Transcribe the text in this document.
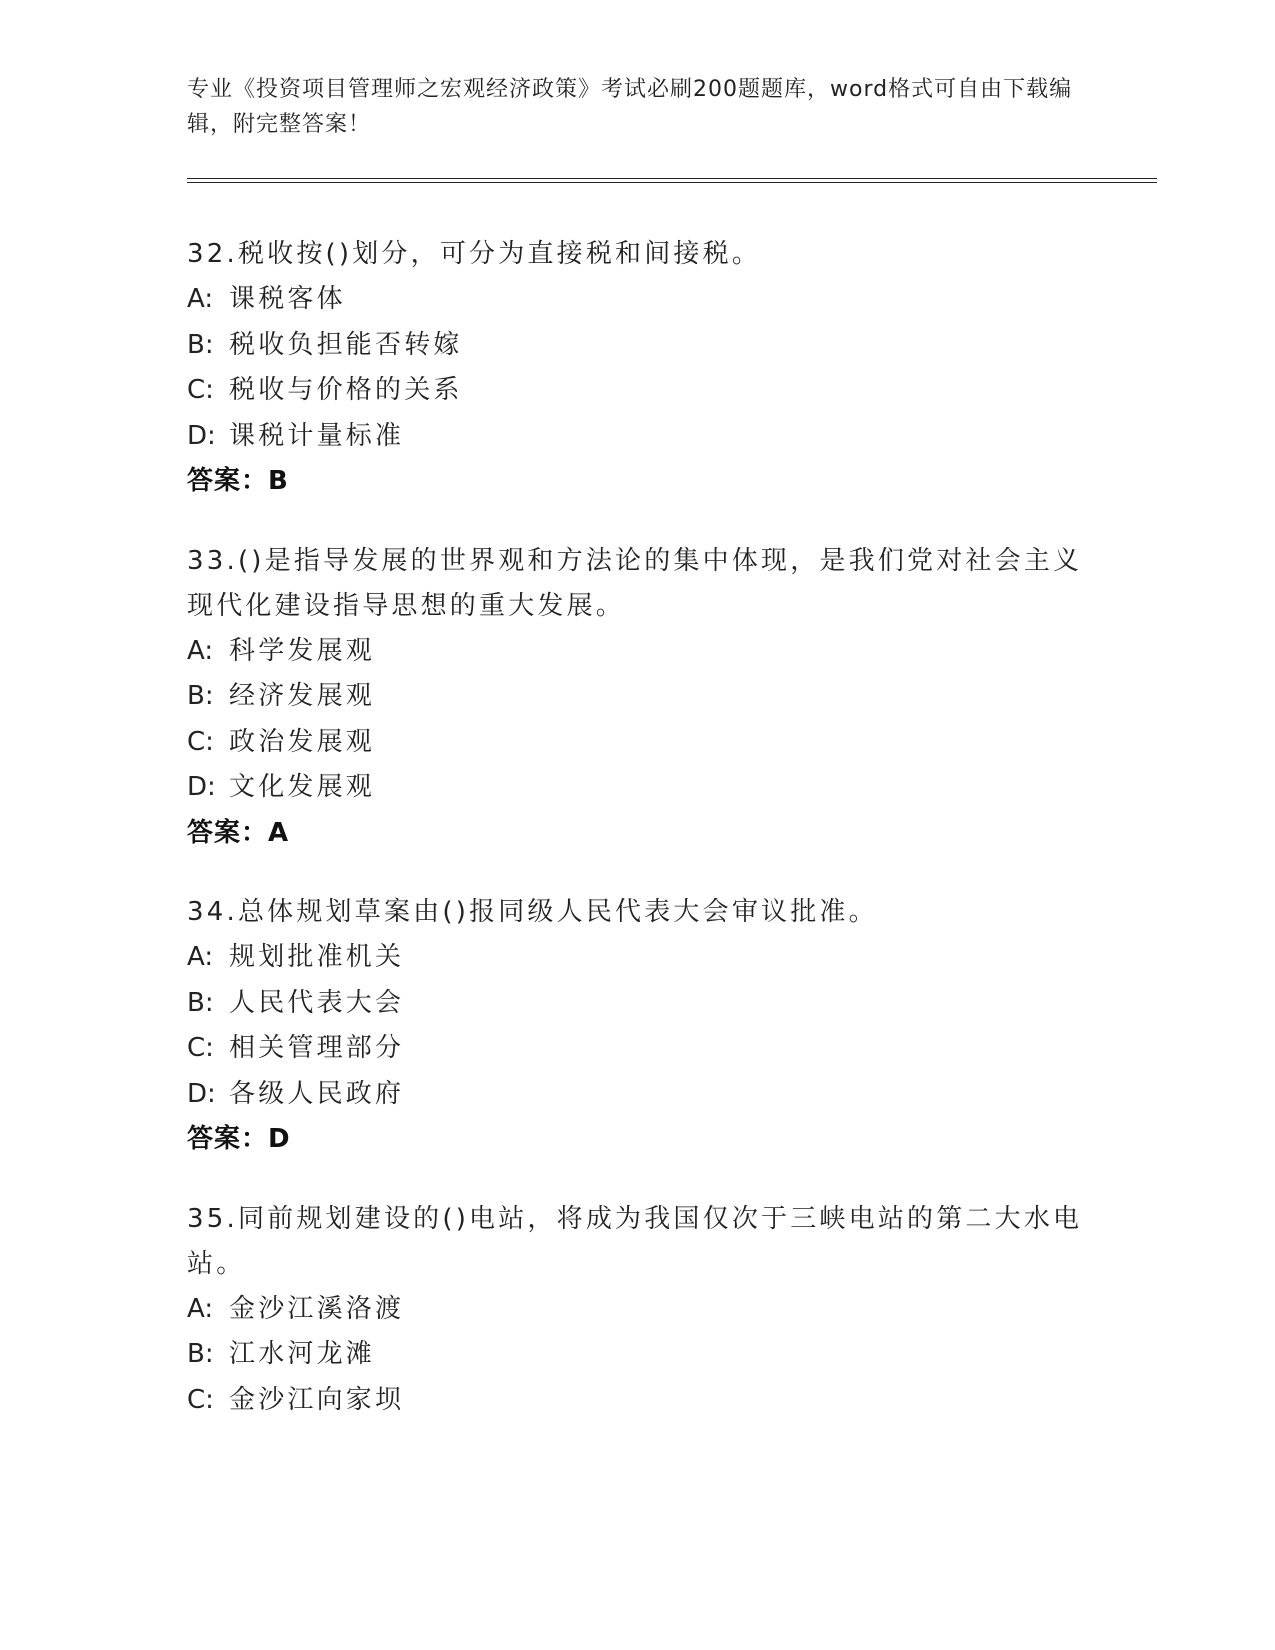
专业《投资项目管理师之宏观经济政策》考试必刷200题题库，word格式可自由下载编辑，附完整答案！
32.税收按()划分，可分为直接税和间接税。
A: 课税客体
B: 税收负担能否转嫁
C: 税收与价格的关系
D: 课税计量标准
答案：B
33.()是指导发展的世界观和方法论的集中体现，是我们党对社会主义现代化建设指导思想的重大发展。
A: 科学发展观
B: 经济发展观
C: 政治发展观
D: 文化发展观
答案：A
34.总体规划草案由()报同级人民代表大会审议批准。
A: 规划批准机关
B: 人民代表大会
C: 相关管理部分
D: 各级人民政府
答案：D
35.同前规划建设的()电站，将成为我国仅次于三峡电站的第二大水电站。
A: 金沙江溪洛渡
B: 江水河龙滩
C: 金沙江向家坝
